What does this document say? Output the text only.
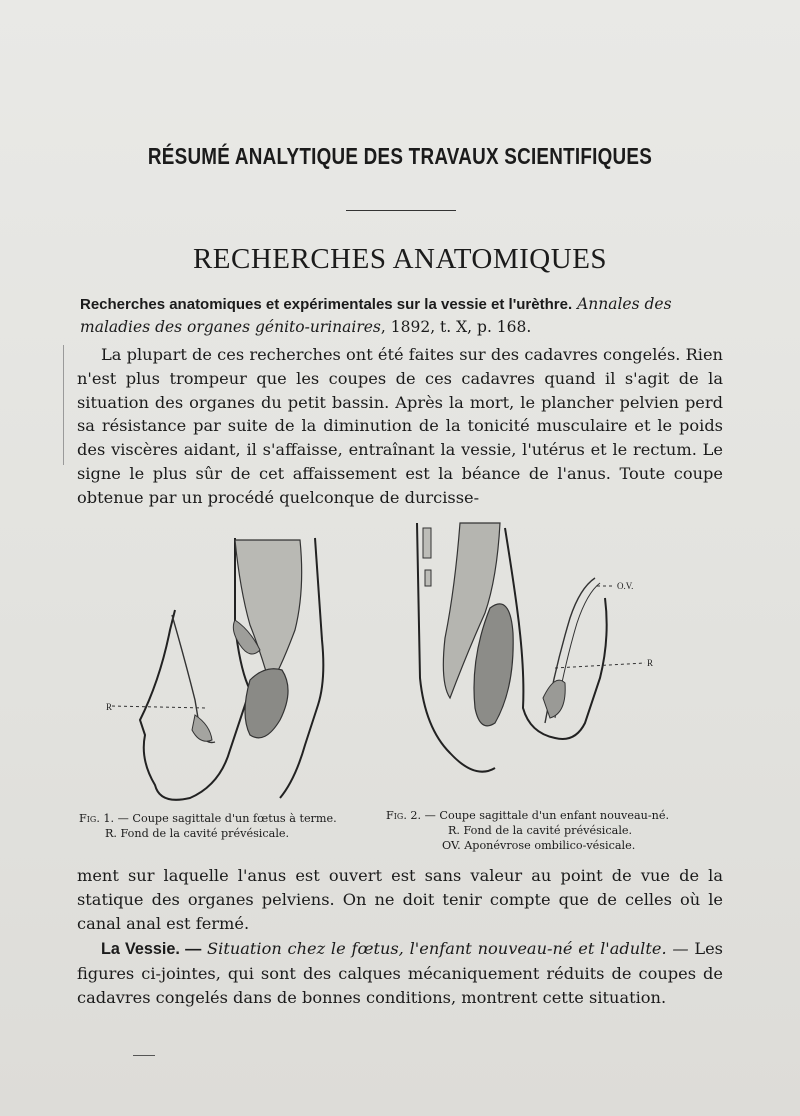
RÉSUMÉ ANALYTIQUE DES TRAVAUX SCIENTIFIQUES
RECHERCHES ANATOMIQUES
Recherches anatomiques et expérimentales sur la vessie et l'urèthre. Annales des maladies des organes génito-urinaires, 1892, t. X, p. 168.
La plupart de ces recherches ont été faites sur des cadavres congelés. Rien n'est plus trompeur que les coupes de ces cadavres quand il s'agit de la situation des organes du petit bassin. Après la mort, le plancher pelvien perd sa résistance par suite de la diminution de la tonicité musculaire et le poids des viscères aidant, il s'affaisse, entraînant la vessie, l'utérus et le rectum. Le signe le plus sûr de cet affaissement est la béance de l'anus. Toute coupe obtenue par un procédé quelconque de durcisse-
R
O.V.
R
Fig. 1. — Coupe sagittale d'un fœtus à terme.
R. Fond de la cavité prévésicale.
Fig. 2. — Coupe sagittale d'un enfant nouveau-né.
R. Fond de la cavité prévésicale.
OV. Aponévrose ombilico-vésicale.
ment sur laquelle l'anus est ouvert est sans valeur au point de vue de la statique des organes pelviens. On ne doit tenir compte que de celles où le canal anal est fermé.
La Vessie. — Situation chez le fœtus, l'enfant nouveau-né et l'adulte. — Les figures ci-jointes, qui sont des calques mécaniquement réduits de coupes de cadavres congelés dans de bonnes conditions, montrent cette situation.
